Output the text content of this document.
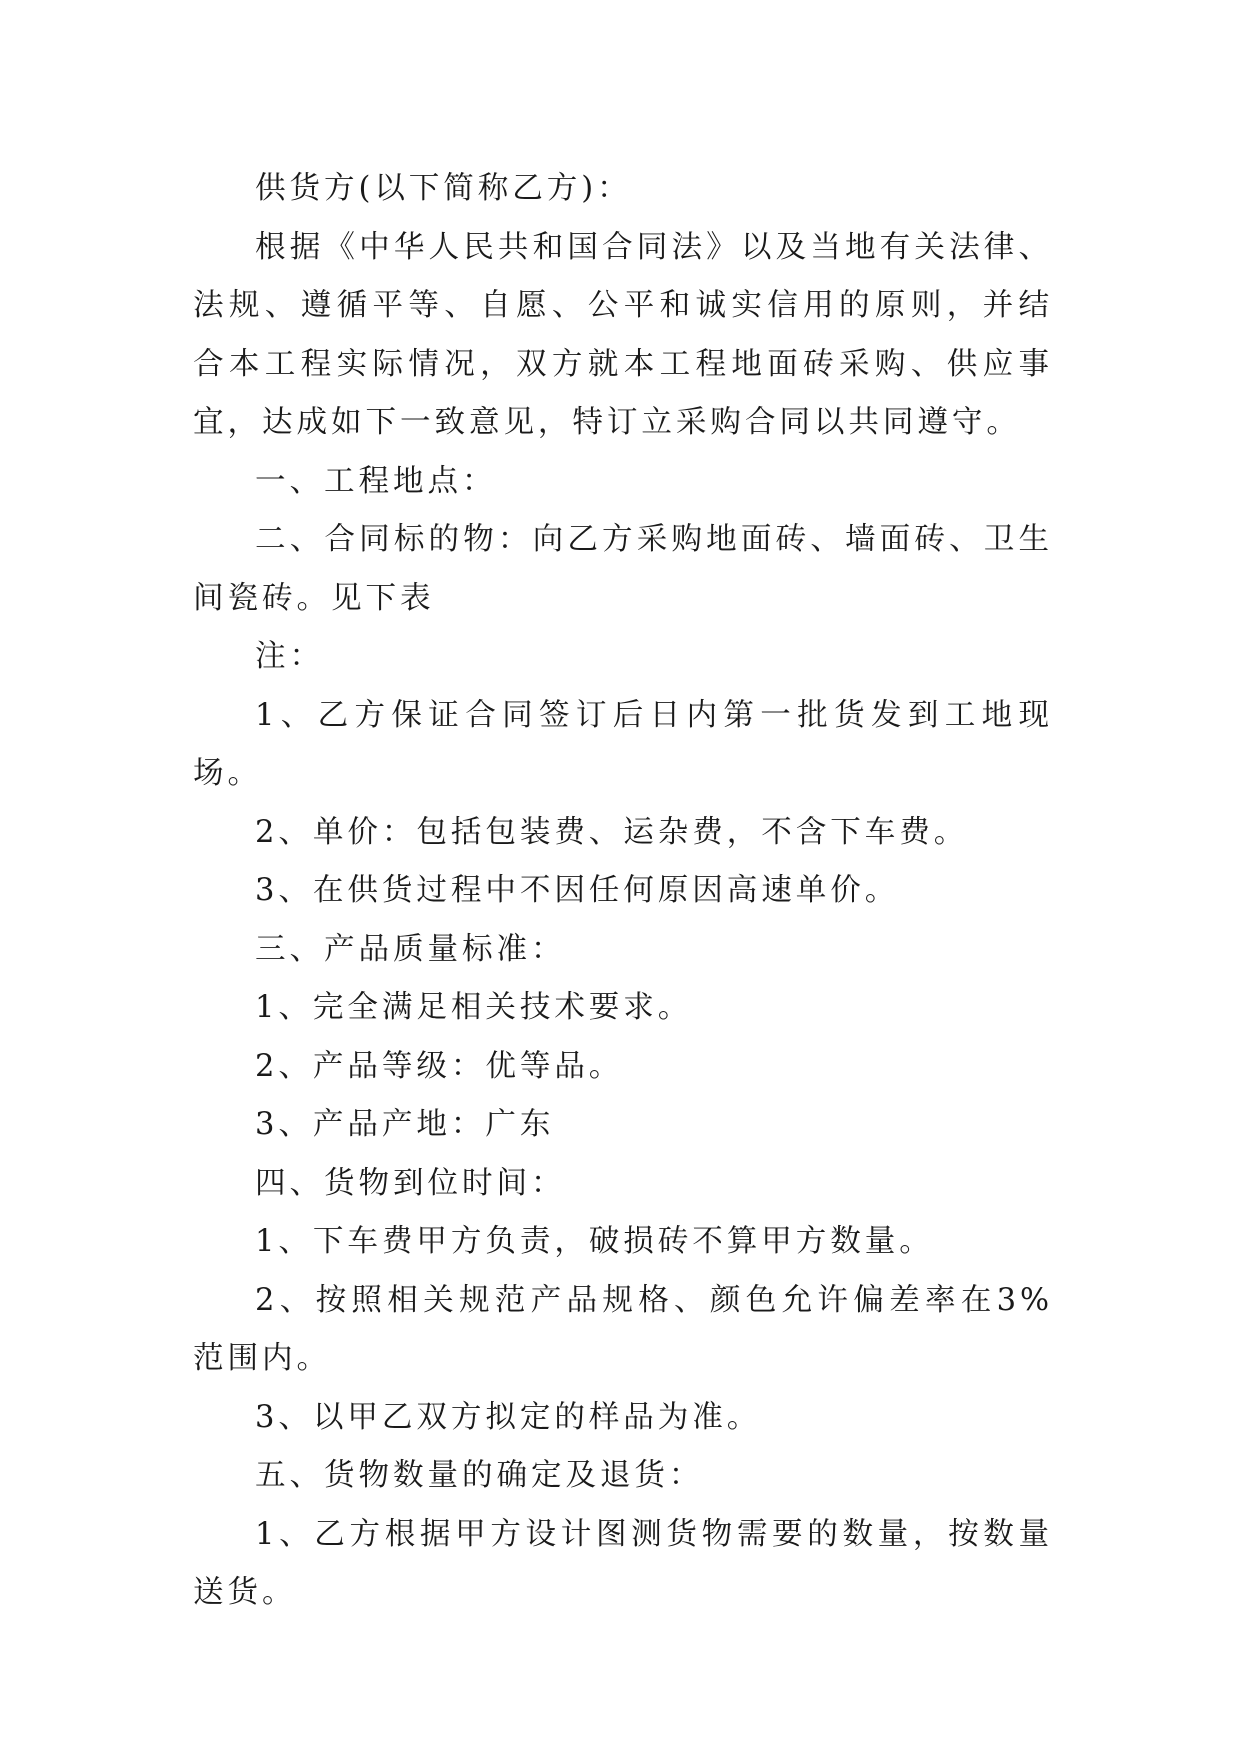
供货方(以下简称乙方)：

根据《中华人民共和国合同法》以及当地有关法律、法规、遵循平等、自愿、公平和诚实信用的原则，并结合本工程实际情况，双方就本工程地面砖采购、供应事宜，达成如下一致意见，特订立采购合同以共同遵守。

一、工程地点：

二、合同标的物：向乙方采购地面砖、墙面砖、卫生间瓷砖。见下表

注：

1、乙方保证合同签订后日内第一批货发到工地现场。

2、单价：包括包装费、运杂费，不含下车费。

3、在供货过程中不因任何原因高速单价。

三、产品质量标准：

1、完全满足相关技术要求。

2、产品等级：优等品。

3、产品产地：广东

四、货物到位时间：

1、下车费甲方负责，破损砖不算甲方数量。

2、按照相关规范产品规格、颜色允许偏差率在3%范围内。

3、以甲乙双方拟定的样品为准。

五、货物数量的确定及退货：

1、乙方根据甲方设计图测货物需要的数量，按数量送货。
